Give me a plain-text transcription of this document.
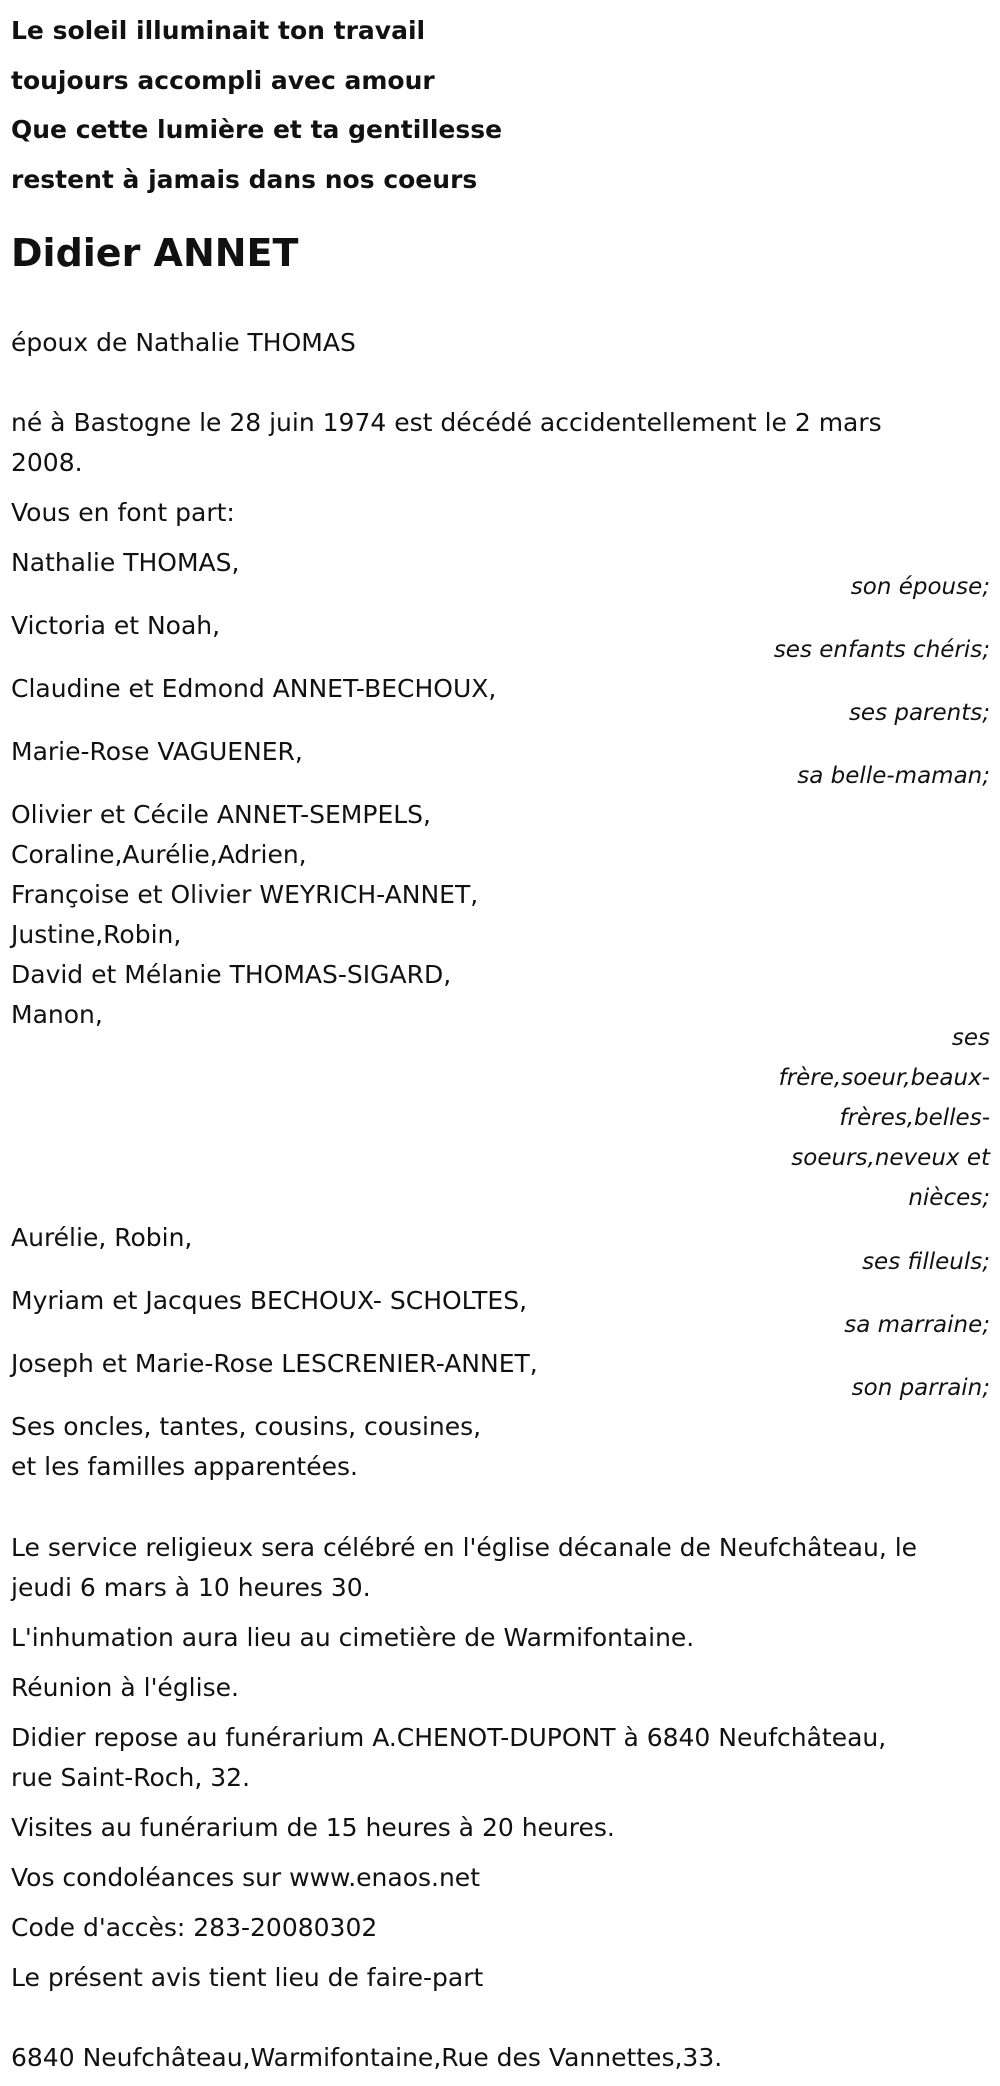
Le soleil illuminait ton travail
toujours accompli avec amour
Que cette lumière et ta gentillesse
restent à jamais dans nos coeurs
Didier ANNET
époux de Nathalie THOMAS
né à Bastogne le 28 juin 1974 est décédé accidentellement le 2 mars
2008.
Vous en font part:
Nathalie THOMAS,
son épouse;
Victoria et Noah,
ses enfants chéris;
Claudine et Edmond ANNET-BECHOUX,
ses parents;
Marie-Rose VAGUENER,
sa belle-maman;
Olivier et Cécile ANNET-SEMPELS,
Coraline,Aurélie,Adrien,
Françoise et Olivier WEYRICH-ANNET,
Justine,Robin,
David et Mélanie THOMAS-SIGARD,
Manon,
ses frère,soeur,beaux-frères,belles-soeurs,neveux et nièces;
Aurélie, Robin,
ses filleuls;
Myriam et Jacques BECHOUX- SCHOLTES,
sa marraine;
Joseph et Marie-Rose LESCRENIER-ANNET,
son parrain;
Ses oncles, tantes, cousins, cousines,
et les familles apparentées.
Le service religieux sera célébré en l'église décanale de Neufchâteau, le
jeudi 6 mars à 10 heures 30.
L'inhumation aura lieu au cimetière de Warmifontaine.
Réunion à l'église.
Didier repose au funérarium A.CHENOT-DUPONT à 6840 Neufchâteau,
rue Saint-Roch, 32.
Visites au funérarium de 15 heures à 20 heures.
Vos condoléances sur www.enaos.net
Code d'accès: 283-20080302
Le présent avis tient lieu de faire-part
6840 Neufchâteau,Warmifontaine,Rue des Vannettes,33.
